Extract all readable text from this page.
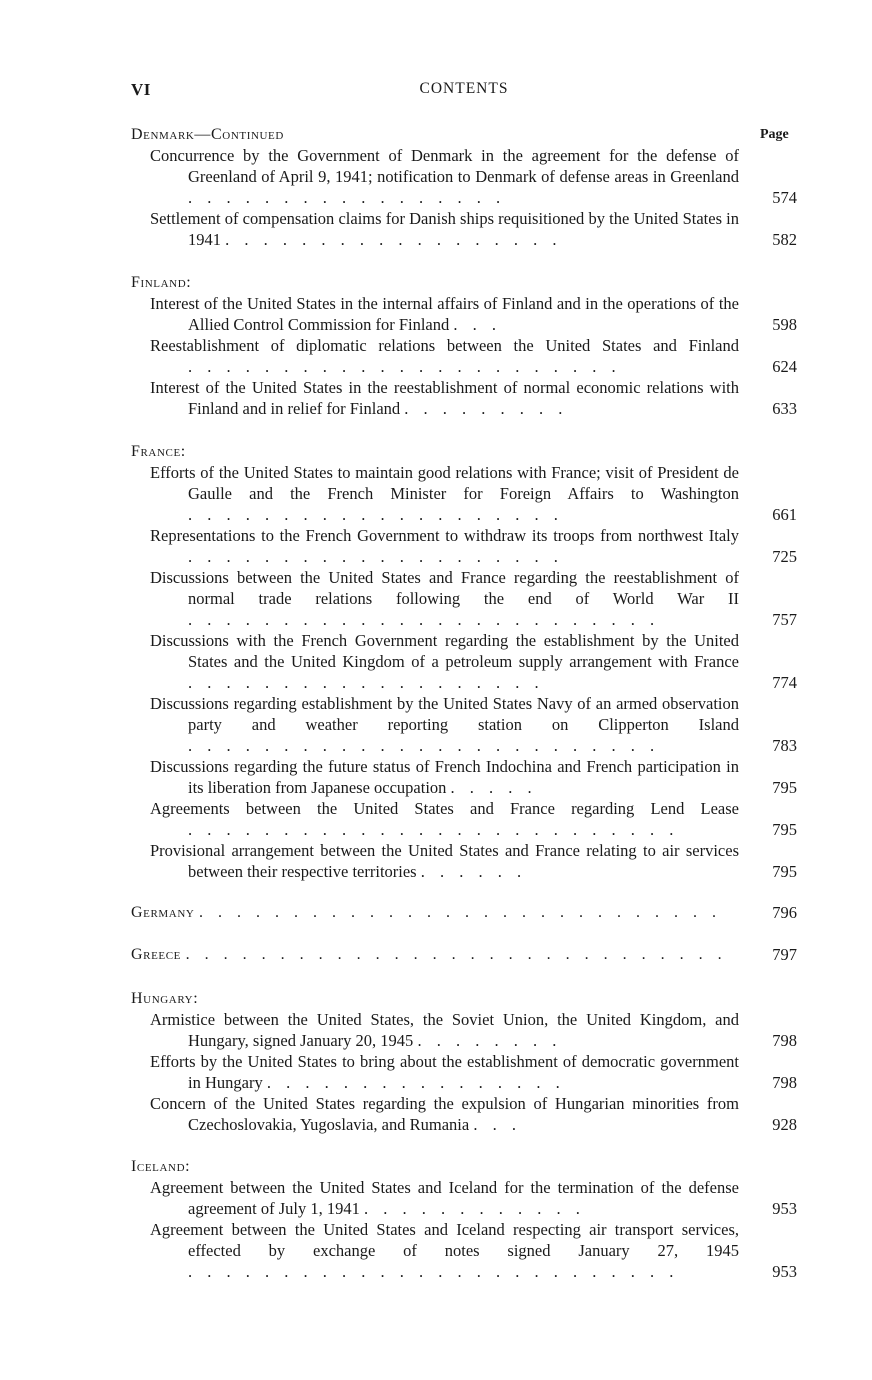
VI	CONTENTS
Page
Denmark—Continued
Concurrence by the Government of Denmark in the agreement for the defense of Greenland of April 9, 1941; notification to Denmark of defense areas in Greenland . . . . . . . . . . . . . . . . .	574
Settlement of compensation claims for Danish ships requisitioned by the United States in 1941 . . . . . . . . . . . . . . . . . .	582
Finland:
Interest of the United States in the internal affairs of Finland and in the operations of the Allied Control Commission for Finland . . .	598
Reestablishment of diplomatic relations between the United States and Finland . . . . . . . . . . . . . . . . . . . . . . .	624
Interest of the United States in the reestablishment of normal economic relations with Finland and in relief for Finland . . . . . . . . .	633
France:
Efforts of the United States to maintain good relations with France; visit of President de Gaulle and the French Minister for Foreign Affairs to Washington . . . . . . . . . . . . . . . . . . . .	661
Representations to the French Government to withdraw its troops from northwest Italy . . . . . . . . . . . . . . . . . . . .	725
Discussions between the United States and France regarding the reestablishment of normal trade relations following the end of World War II . . . . . . . . . . . . . . . . . . . . . . . . .	757
Discussions with the French Government regarding the establishment by the United States and the United Kingdom of a petroleum supply arrangement with France . . . . . . . . . . . . . . . . . . .	774
Discussions regarding establishment by the United States Navy of an armed observation party and weather reporting station on Clipperton Island . . . . . . . . . . . . . . . . . . . . . . . . .	783
Discussions regarding the future status of French Indochina and French participation in its liberation from Japanese occupation . . . . .	795
Agreements between the United States and France regarding Lend Lease . . . . . . . . . . . . . . . . . . . . . . . . . .	795
Provisional arrangement between the United States and France relating to air services between their respective territories . . . . . .	795
Germany . . . . . . . . . . . . . . . . . . . . . . . . . . . .	796
Greece . . . . . . . . . . . . . . . . . . . . . . . . . . . . .	797
Hungary:
Armistice between the United States, the Soviet Union, the United Kingdom, and Hungary, signed January 20, 1945 . . . . . . . .	798
Efforts by the United States to bring about the establishment of democratic government in Hungary . . . . . . . . . . . . . . . .	798
Concern of the United States regarding the expulsion of Hungarian minorities from Czechoslovakia, Yugoslavia, and Rumania . . .	928
Iceland:
Agreement between the United States and Iceland for the termination of the defense agreement of July 1, 1941 . . . . . . . . . . . .	953
Agreement between the United States and Iceland respecting air transport services, effected by exchange of notes signed January 27, 1945 . . . . . . . . . . . . . . . . . . . . . . . . . .	953
